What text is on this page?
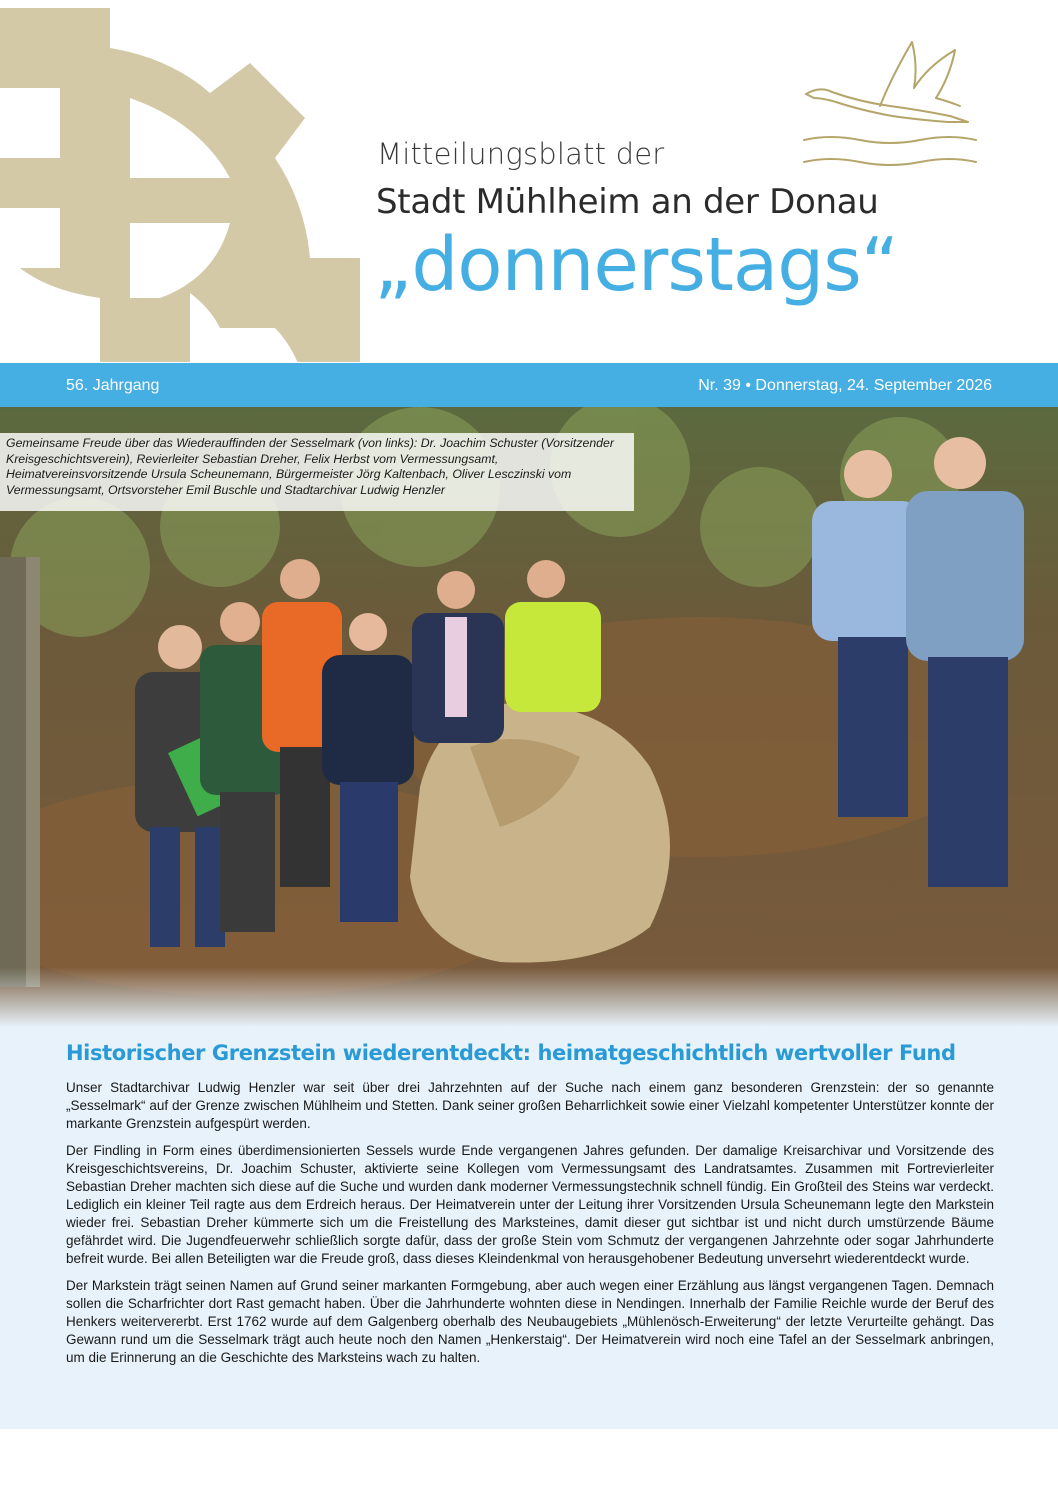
Mitteilungsblatt der
Stadt Mühlheim an der Donau
„donnerstags“
56. Jahrgang	Nr. 39 • Donnerstag, 24. September 2026
Gemeinsame Freude über das Wiederauffinden der Sesselmark (von links): Dr. Joachim Schuster (Vorsitzender Kreisgeschichtsverein), Revierleiter Sebastian Dreher, Felix Herbst vom Vermessungsamt, Heimatvereinsvorsitzende Ursula Scheunemann, Bürgermeister Jörg Kaltenbach, Oliver Lesczinski vom Vermessungsamt, Ortsvorsteher Emil Buschle und Stadtarchivar Ludwig Henzler
Historischer Grenzstein wiederentdeckt: heimatgeschichtlich wertvoller Fund

Unser Stadtarchivar Ludwig Henzler war seit über drei Jahrzehnten auf der Suche nach einem ganz besonderen Grenzstein: der so genannte „Sesselmark“ auf der Grenze zwischen Mühlheim und Stetten. Dank seiner großen Beharrlichkeit sowie einer Vielzahl kompetenter Unterstützer konnte der markante Grenzstein aufgespürt werden.

Der Findling in Form eines überdimensionierten Sessels wurde Ende vergangenen Jahres gefunden. Der damalige Kreisarchivar und Vorsitzende des Kreisgeschichtsvereins, Dr. Joachim Schuster, aktivierte seine Kollegen vom Vermessungsamt des Landratsamtes. Zusammen mit Fortrevierleiter Sebastian Dreher machten sich diese auf die Suche und wurden dank moderner Vermessungstechnik schnell fündig. Ein Großteil des Steins war verdeckt. Lediglich ein kleiner Teil ragte aus dem Erdreich heraus. Der Heimatverein unter der Leitung ihrer Vorsitzenden Ursula Scheunemann legte den Markstein wieder frei. Sebastian Dreher kümmerte sich um die Freistellung des Marksteines, damit dieser gut sichtbar ist und nicht durch umstürzende Bäume gefährdet wird. Die Jugendfeuerwehr schließlich sorgte dafür, dass der große Stein vom Schmutz der vergangenen Jahrzehnte oder sogar Jahrhunderte befreit wurde. Bei allen Beteiligten war die Freude groß, dass dieses Kleindenkmal von herausgehobener Bedeutung unversehrt wiederentdeckt wurde.

Der Markstein trägt seinen Namen auf Grund seiner markanten Formgebung, aber auch wegen einer Erzählung aus längst vergangenen Tagen. Demnach sollen die Scharfrichter dort Rast gemacht haben. Über die Jahrhunderte wohnten diese in Nendingen. Innerhalb der Familie Reichle wurde der Beruf des Henkers weitervererbt. Erst 1762 wurde auf dem Galgenberg oberhalb des Neubaugebiets „Mühlenösch-Erweiterung“ der letzte Verurteilte gehängt. Das Gewann rund um die Sesselmark trägt auch heute noch den Namen „Henkerstaig“. Der Heimatverein wird noch eine Tafel an der Sesselmark anbringen, um die Erinnerung an die Geschichte des Marksteins wach zu halten.
